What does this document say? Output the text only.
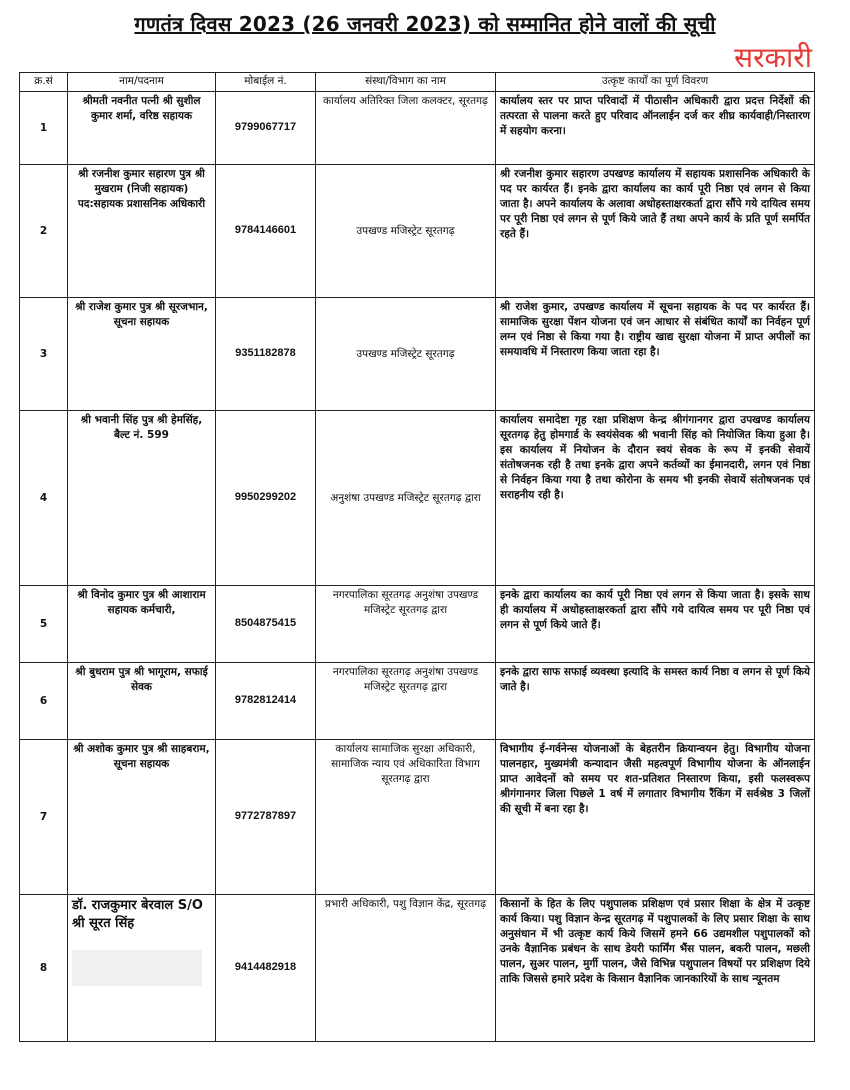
गणतंत्र दिवस 2023 (26 जनवरी 2023) को सम्मानित होने वालों की सूची
सरकारी
क्र.सं	नाम/पदनाम	मोबाईल नं.	संस्था/विभाग का नाम	उत्कृष्ट कार्यों का पूर्ण विवरण
1	श्रीमती नवनीत पत्नी श्री सुशील कुमार शर्मा, वरिष्ठ सहायक	9799067717	कार्यालय अतिरिक्त जिला कलक्टर, सूरतगढ़	कार्यालय स्तर पर प्राप्त परिवादों में पीठासीन अधिकारी द्वारा प्रदत्त निर्देशों की तत्परता से पालना करते हुए परिवाद ऑनलाईन दर्ज कर शीघ्र कार्यवाही/निस्तारण में सहयोग करना।
2	श्री रजनीश कुमार सहारण पुत्र श्री मुखराम (निजी सहायक) पद:सहायक प्रशासनिक अधिकारी	9784146601	उपखण्ड मजिस्ट्रेट सूरतगढ़	श्री रजनीश कुमार सहारण उपखण्ड कार्यालय में सहायक प्रशासनिक अधिकारी के पद पर कार्यरत हैं। इनके द्वारा कार्यालय का कार्य पूरी निष्ठा एवं लगन से किया जाता है। अपने कार्यालय के अलावा अधोहस्ताक्षरकर्ता द्वारा सौंपे गये दायित्व समय पर पूरी निष्ठा एवं लगन से पूर्ण किये जाते हैं तथा अपने कार्य के प्रति पूर्ण समर्पित रहते हैं।
3	श्री राजेश कुमार पुत्र श्री सूरजभान, सूचना सहायक	9351182878	उपखण्ड मजिस्ट्रेट सूरतगढ़	श्री राजेश कुमार, उपखण्ड कार्यालय में सूचना सहायक के पद पर कार्यरत हैं। सामाजिक सुरक्षा पेंशन योजना एवं जन आधार से संबंधित कार्यों का निर्वहन पूर्ण लग्न एवं निष्ठा से किया गया है। राष्ट्रीय खाद्य सुरक्षा योजना में प्राप्त अपीलों का समयावधि में निस्तारण किया जाता रहा है।
4	श्री भवानी सिंह पुत्र श्री हेमसिंह, बैल्ट नं. 599	9950299202	अनुशंषा उपखण्ड मजिस्ट्रेट सूरतगढ़ द्वारा	कार्यालय समादेष्टा गृह रक्षा प्रशिक्षण केन्द्र श्रीगंगानगर द्वारा उपखण्ड कार्यालय सूरतगढ़ हेतु होमगार्ड के स्वयंसेवक श्री भवानी सिंह को नियोजित किया हुआ है। इस कार्यालय में नियोजन के दौरान स्वयं सेवक के रूप में इनकी सेवायें संतोषजनक रही है तथा इनके द्वारा अपने कर्तव्यों का ईमानदारी, लगन एवं निष्ठा से निर्वहन किया गया है तथा कोरोना के समय भी इनकी सेवायें संतोषजनक एवं सराहनीय रही है।
5	श्री विनोद कुमार पुत्र श्री आशाराम सहायक कर्मचारी,	8504875415	नगरपालिका सूरतगढ़ अनुशंषा उपखण्ड मजिस्ट्रेट सूरतगढ़ द्वारा	इनके द्वारा कार्यालय का कार्य पूरी निष्ठा एवं लगन से किया जाता है। इसके साथ ही कार्यालय में अधोहस्ताक्षरकर्ता द्वारा सौंपे गये दायित्व समय पर पूरी निष्ठा एवं लगन से पूर्ण किये जाते हैं।
6	श्री बुधराम पुत्र श्री भागूराम, सफाई सेवक	9782812414	नगरपालिका सूरतगढ़ अनुशंषा उपखण्ड मजिस्ट्रेट सूरतगढ़ द्वारा	इनके द्वारा साफ सफाई व्यवस्था इत्यादि के समस्त कार्य निष्ठा व लगन से पूर्ण किये जाते है।
7	श्री अशोक कुमार पुत्र श्री साहबराम, सूचना सहायक	9772787897	कार्यालय सामाजिक सुरक्षा अधिकारी, सामाजिक न्याय एवं अधिकारिता विभाग सूरतगढ़ द्वारा	विभागीय ई-गर्वनेन्स योजनाओं के बेहतरीन क्रियान्वयन हेतु। विभागीय योजना पालनहार, मुख्यमंत्री कन्यादान जैसी महत्वपूर्ण विभागीय योजना के ऑनलाईन प्राप्त आवेदनों को समय पर शत-प्रतिशत निस्तारण किया, इसी फलस्वरूप श्रीगंगानगर जिला पिछले 1 वर्ष में लगातार विभागीय रैंकिंग में सर्वश्रेष्ठ 3 जिलों की सूची में बना रहा है।
8	डॉ. राजकुमार बेरवाल S/O श्री सूरत सिंह	9414482918	प्रभारी अधिकारी, पशु विज्ञान केंद्र, सूरतगढ़	किसानों के हित के लिए पशुपालक प्रशिक्षण एवं प्रसार शिक्षा के क्षेत्र में उत्कृष्ट कार्य किया। पशु विज्ञान केन्द्र सूरतगढ़ में पशुपालकों के लिए प्रसार शिक्षा के साथ अनुसंधान में भी उत्कृष्ट कार्य किये जिसमें हमने 66 उद्यमशील पशुपालकों को उनके वैज्ञानिक प्रबंधन के साथ डेयरी फार्मिंग भैंस पालन, बकरी पालन, मछली पालन, सुअर पालन, मुर्गी पालन, जैसे विभिन्न पशुपालन विषयों पर प्रशिक्षण दिये ताकि जिससे हमारे प्रदेश के किसान वैज्ञानिक जानकारियों के साथ न्यूनतम
